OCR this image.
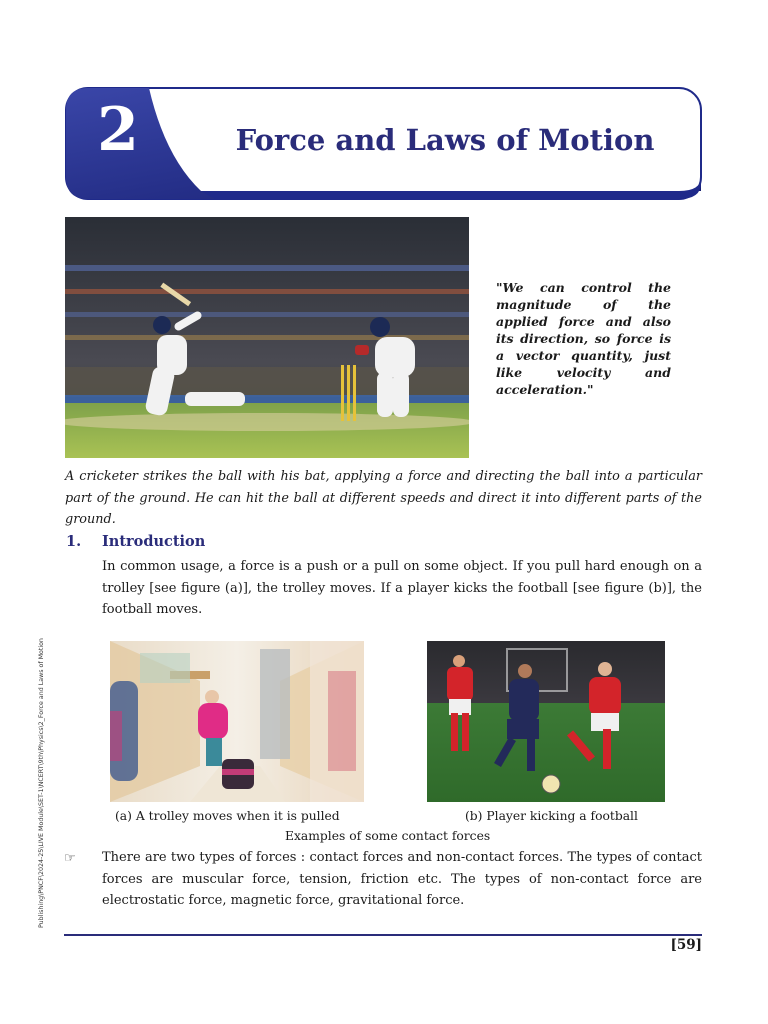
2	Force and Laws of Motion
"We can control the magnitude of the applied force and also its direction, so force is a vector quantity, just like velocity and acceleration."
A cricketer strikes the ball with his bat, applying a force and directing the ball into a particular part of the ground. He can hit the ball at different speeds and direct it into different parts of the ground.
1. Introduction
In common usage, a force is a push or a pull on some object. If you pull hard enough on a trolley [see figure (a)], the trolley moves. If a player kicks the football [see figure (b)], the football moves.
(a) A trolley moves when it is pulled	(b) Player kicking a football
Examples of some contact forces
☞ There are two types of forces : contact forces and non-contact forces. The types of contact forces are muscular force, tension, friction etc. The types of non-contact force are electrostatic force, magnetic force, gravitational force.
Publishing\PNCF\2024-25\LIVE Module\SET-1\NCERT\9th\Physics\2_Force and Laws of Motion
[59]
